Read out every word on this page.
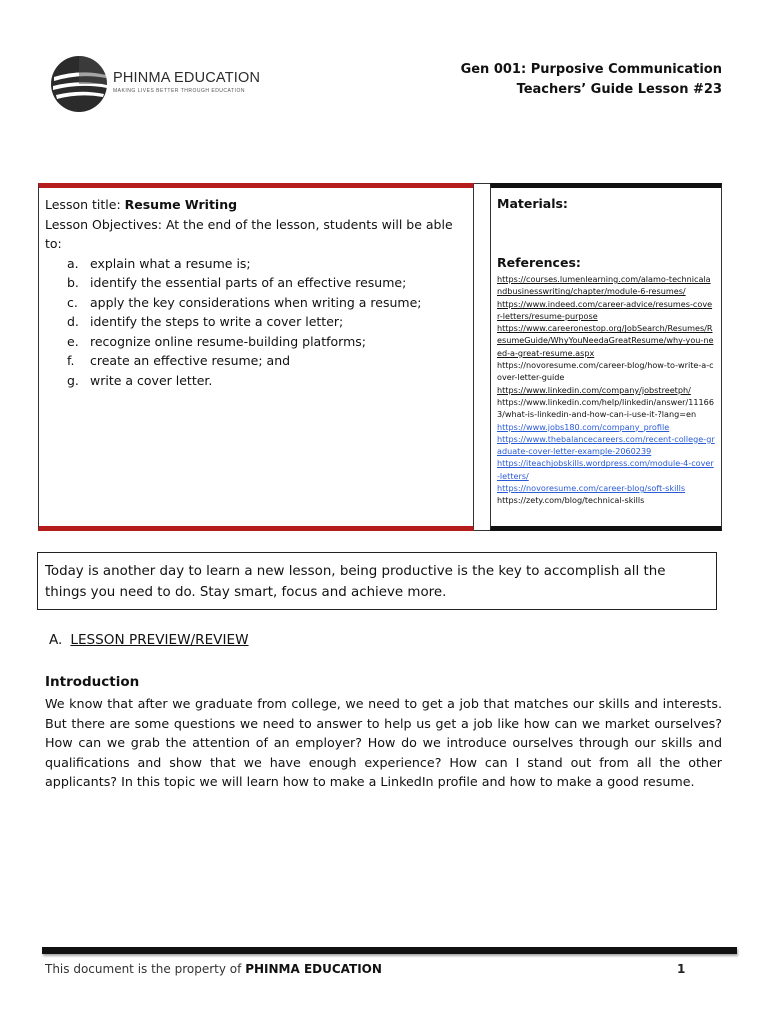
PHINMA EDUCATION
MAKING LIVES BETTER THROUGH EDUCATION
Gen 001: Purposive Communication
Teachers’ Guide Lesson #23
Lesson title: Resume Writing
Lesson Objectives: At the end of the lesson, students will be able to:
a. explain what a resume is;
b. identify the essential parts of an effective resume;
c. apply the key considerations when writing a resume;
d. identify the steps to write a cover letter;
e. recognize online resume-building platforms;
f. create an effective resume; and
g. write a cover letter.
Materials:
References:
https://courses.lumenlearning.com/alamo-technicalandbusinesswriting/chapter/module-6-resumes/
https://www.indeed.com/career-advice/resumes-cover-letters/resume-purpose
https://www.careeronestop.org/JobSearch/Resumes/ResumeGuide/WhyYouNeedaGreatResume/why-you-need-a-great-resume.aspx
https://novoresume.com/career-blog/how-to-write-a-cover-letter-guide
https://www.linkedin.com/company/jobstreetph/
https://www.linkedin.com/help/linkedin/answer/111663/what-is-linkedin-and-how-can-i-use-it-?lang=en
https://www.jobs180.com/company_profile
https://www.thebalancecareers.com/recent-college-graduate-cover-letter-example-2060239
https://iteachjobskills.wordpress.com/module-4-cover-letters/
https://novoresume.com/career-blog/soft-skills
https://zety.com/blog/technical-skills
Today is another day to learn a new lesson, being productive is the key to accomplish all the things you need to do. Stay smart, focus and achieve more.
A. LESSON PREVIEW/REVIEW
Introduction
We know that after we graduate from college, we need to get a job that matches our skills and interests. But there are some questions we need to answer to help us get a job like how can we market ourselves? How can we grab the attention of an employer? How do we introduce ourselves through our skills and qualifications and show that we have enough experience? How can I stand out from all the other applicants? In this topic we will learn how to make a LinkedIn profile and how to make a good resume.
This document is the property of PHINMA EDUCATION	1
